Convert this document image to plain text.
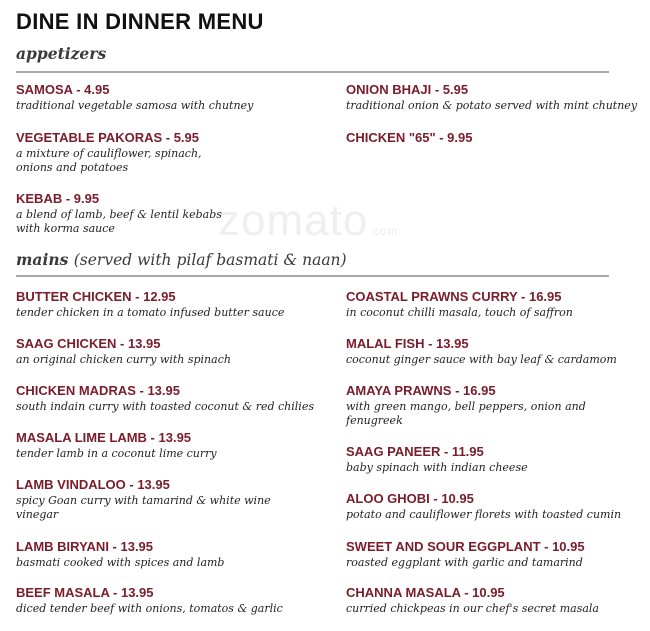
zomato.com
DINE IN DINNER MENU
appetizers
SAMOSA - 4.95
traditional vegetable samosa with chutney
ONION BHAJI - 5.95
traditional onion & potato served with mint chutney
VEGETABLE PAKORAS - 5.95
a mixture of cauliflower, spinach, onions and potatoes
CHICKEN "65" - 9.95
KEBAB - 9.95
a blend of lamb, beef & lentil kebabs with korma sauce
mains (served with pilaf basmati & naan)
BUTTER CHICKEN - 12.95
tender chicken in a tomato infused butter sauce
COASTAL PRAWNS CURRY - 16.95
in coconut chilli masala, touch of saffron
SAAG CHICKEN - 13.95
an original chicken curry with spinach
MALAL FISH - 13.95
coconut ginger sauce with bay leaf & cardamom
CHICKEN MADRAS - 13.95
south indain curry with toasted coconut & red chilies
AMAYA PRAWNS - 16.95
with green mango, bell peppers, onion and fenugreek
MASALA LIME LAMB - 13.95
tender lamb in a coconut lime curry	SAAG PANEER - 11.95
baby spinach with indian cheese
LAMB VINDALOO - 13.95
spicy Goan curry with tamarind & white wine vinegar
ALOO GHOBI - 10.95
potato and cauliflower florets with toasted cumin
LAMB BIRYANI - 13.95
basmati cooked with spices and lamb
SWEET AND SOUR EGGPLANT - 10.95
roasted eggplant with garlic and tamarind
BEEF MASALA - 13.95
diced tender beef with onions, tomatos & garlic
CHANNA MASALA - 10.95
curried chickpeas in our chef's secret masala
